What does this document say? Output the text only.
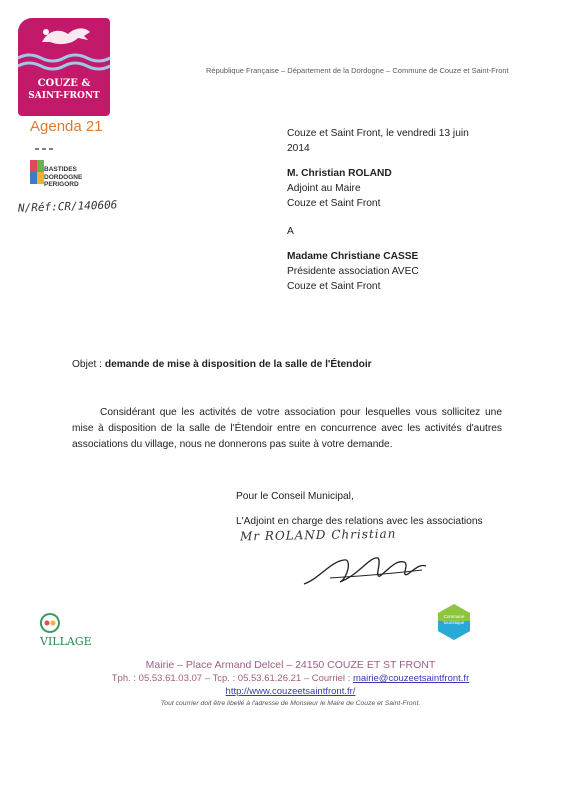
COUZE &
SAINT-FRONT
République Française – Département de la Dordogne – Commune de Couze et Saint-Front
Agenda 21
BASTIDES
DORDOGNE
PERIGORD
N/Réf:CR/140606
Couze et Saint Front, le vendredi 13 juin
2014
M. Christian ROLAND
Adjoint au Maire
Couze et Saint Front
A
Madame Christiane CASSE
Présidente association AVEC
Couze et Saint Front
Objet : demande de mise à disposition de la salle de l'Étendoir
Considérant que les activités de votre association pour lesquelles vous sollicitez une mise à disposition de la salle de l'Étendoir entre en concurrence avec les activités d'autres associations du village, nous ne donnerons pas suite à votre demande.
Pour le Conseil Municipal,
L'Adjoint en charge des relations avec les associations
Mr ROLAND Christian
VILLAGE
Commune
touristique
Mairie – Place Armand Delcel – 24150 COUZE ET ST FRONT
Tph. : 05.53.61.03.07 – Tcp. : 05.53.61.26.21 – Courriel : mairie@couzeetsaintfront.fr
http://www.couzeetsaintfront.fr/
Tout courrier doit être libellé à l'adresse de Monsieur le Maire de Couze et Saint-Front.
